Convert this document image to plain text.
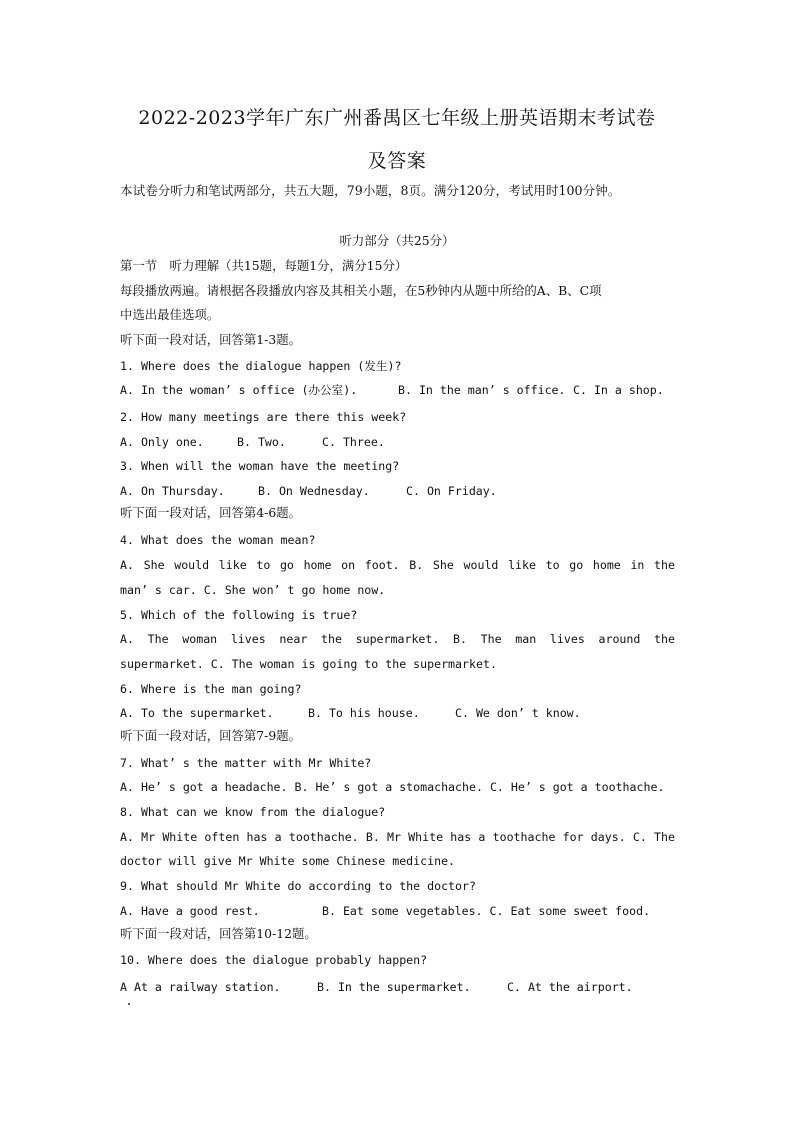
2022-2023学年广东广州番禺区七年级上册英语期末考试卷
及答案
本试卷分听力和笔试两部分，共五大题，79小题，8页。满分120分，考试用时100分钟。
听力部分（共25分）
第一节　听力理解（共15题，每题1分，满分15分）
每段播放两遍。请根据各段播放内容及其相关小题，在5秒钟内从题中所给的A、B、C项
中选出最佳选项。
听下面一段对话，回答第1-3题。
1. Where does the dialogue happen (发生)?
A. In the woman’ s office (办公室).	B. In the man’ s office. C. In a shop.
2. How many meetings are there this week?
A. Only one.	B. Two.	C. Three.
3. When will the woman have the meeting?
A. On Thursday.	B. On Wednesday.	C. On Friday.
听下面一段对话，回答第4-6题。
4. What does the woman mean?
A. She would like to go home on foot. B. She would like to go home in the
man’ s car. C. She won’ t go home now.
5. Which of the following is true?
A. The woman lives near the supermarket. B. The man lives around the
supermarket. C. The woman is going to the supermarket.
6. Where is the man going?
A. To the supermarket.	B. To his house.	C. We don’ t know.
听下面一段对话，回答第7-9题。
7. What’ s the matter with Mr White?
A. He’ s got a headache. B. He’ s got a stomachache. C. He’ s got a toothache.
8. What can we know from the dialogue?
A. Mr White often has a toothache. B. Mr White has a toothache for days. C. The
doctor will give Mr White some Chinese medicine.
9. What should Mr White do according to the doctor?
A. Have a good rest.	B. Eat some vegetables. C. Eat some sweet food.
听下面一段对话，回答第10-12题。
10. Where does the dialogue probably happen?
A At a railway station.	B. In the supermarket.	C. At the airport.
